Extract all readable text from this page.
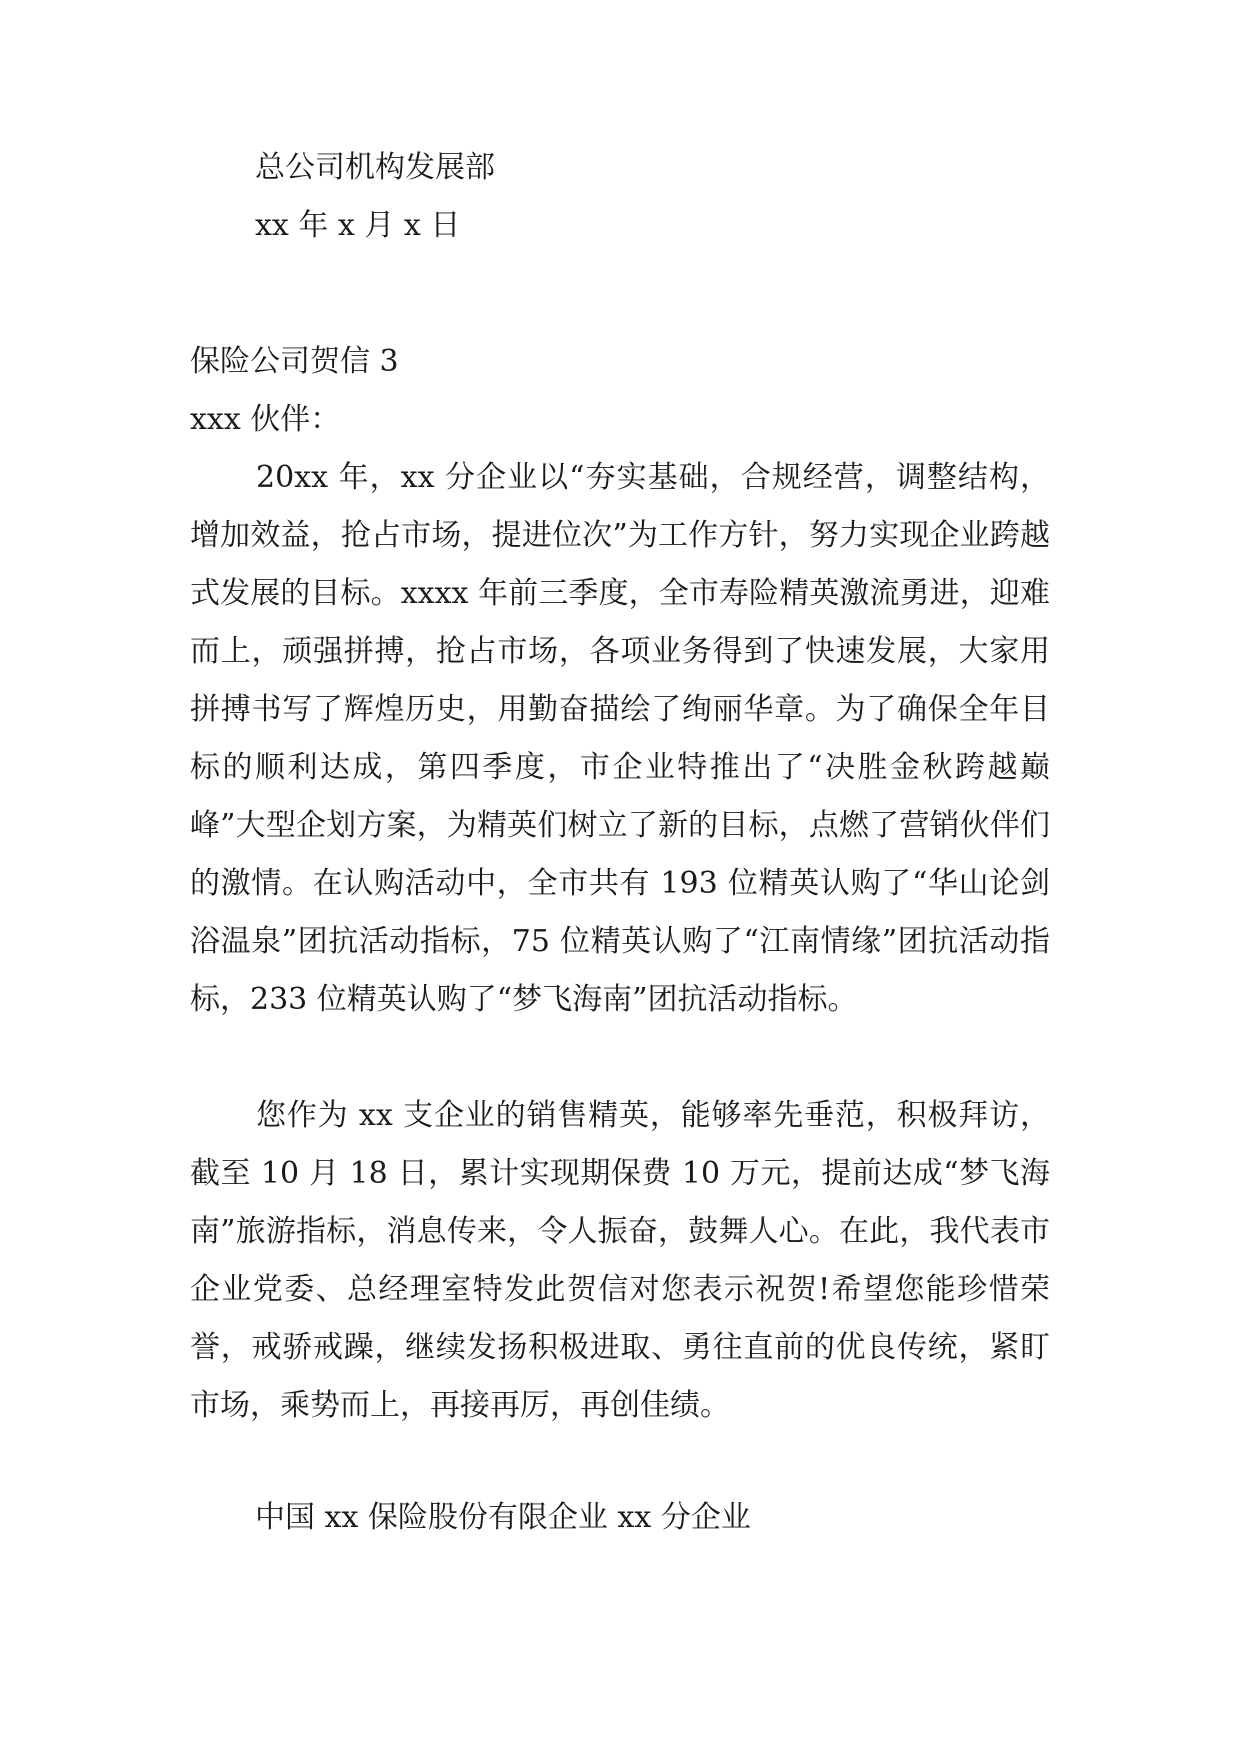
总公司机构发展部
xx 年 x 月 x 日
保险公司贺信 3
xxx 伙伴：

20xx 年，xx 分企业以“夯实基础，合规经营，调整结构，增加效益，抢占市场，提进位次”为工作方针，努力实现企业跨越式发展的目标。xxxx 年前三季度，全市寿险精英激流勇进，迎难而上，顽强拼搏，抢占市场，各项业务得到了快速发展，大家用拼搏书写了辉煌历史，用勤奋描绘了绚丽华章。为了确保全年目标的顺利达成，第四季度，市企业特推出了“决胜金秋跨越巅峰”大型企划方案，为精英们树立了新的目标，点燃了营销伙伴们的激情。在认购活动中，全市共有 193 位精英认购了“华山论剑浴温泉”团抗活动指标，75 位精英认购了“江南情缘”团抗活动指标，233 位精英认购了“梦飞海南”团抗活动指标。

您作为 xx 支企业的销售精英，能够率先垂范，积极拜访，截至 10 月 18 日，累计实现期保费 10 万元，提前达成“梦飞海南”旅游指标，消息传来，令人振奋，鼓舞人心。在此，我代表市企业党委、总经理室特发此贺信对您表示祝贺!希望您能珍惜荣誉，戒骄戒躁，继续发扬积极进取、勇往直前的优良传统，紧盯市场，乘势而上，再接再厉，再创佳绩。

中国 xx 保险股份有限企业 xx 分企业
